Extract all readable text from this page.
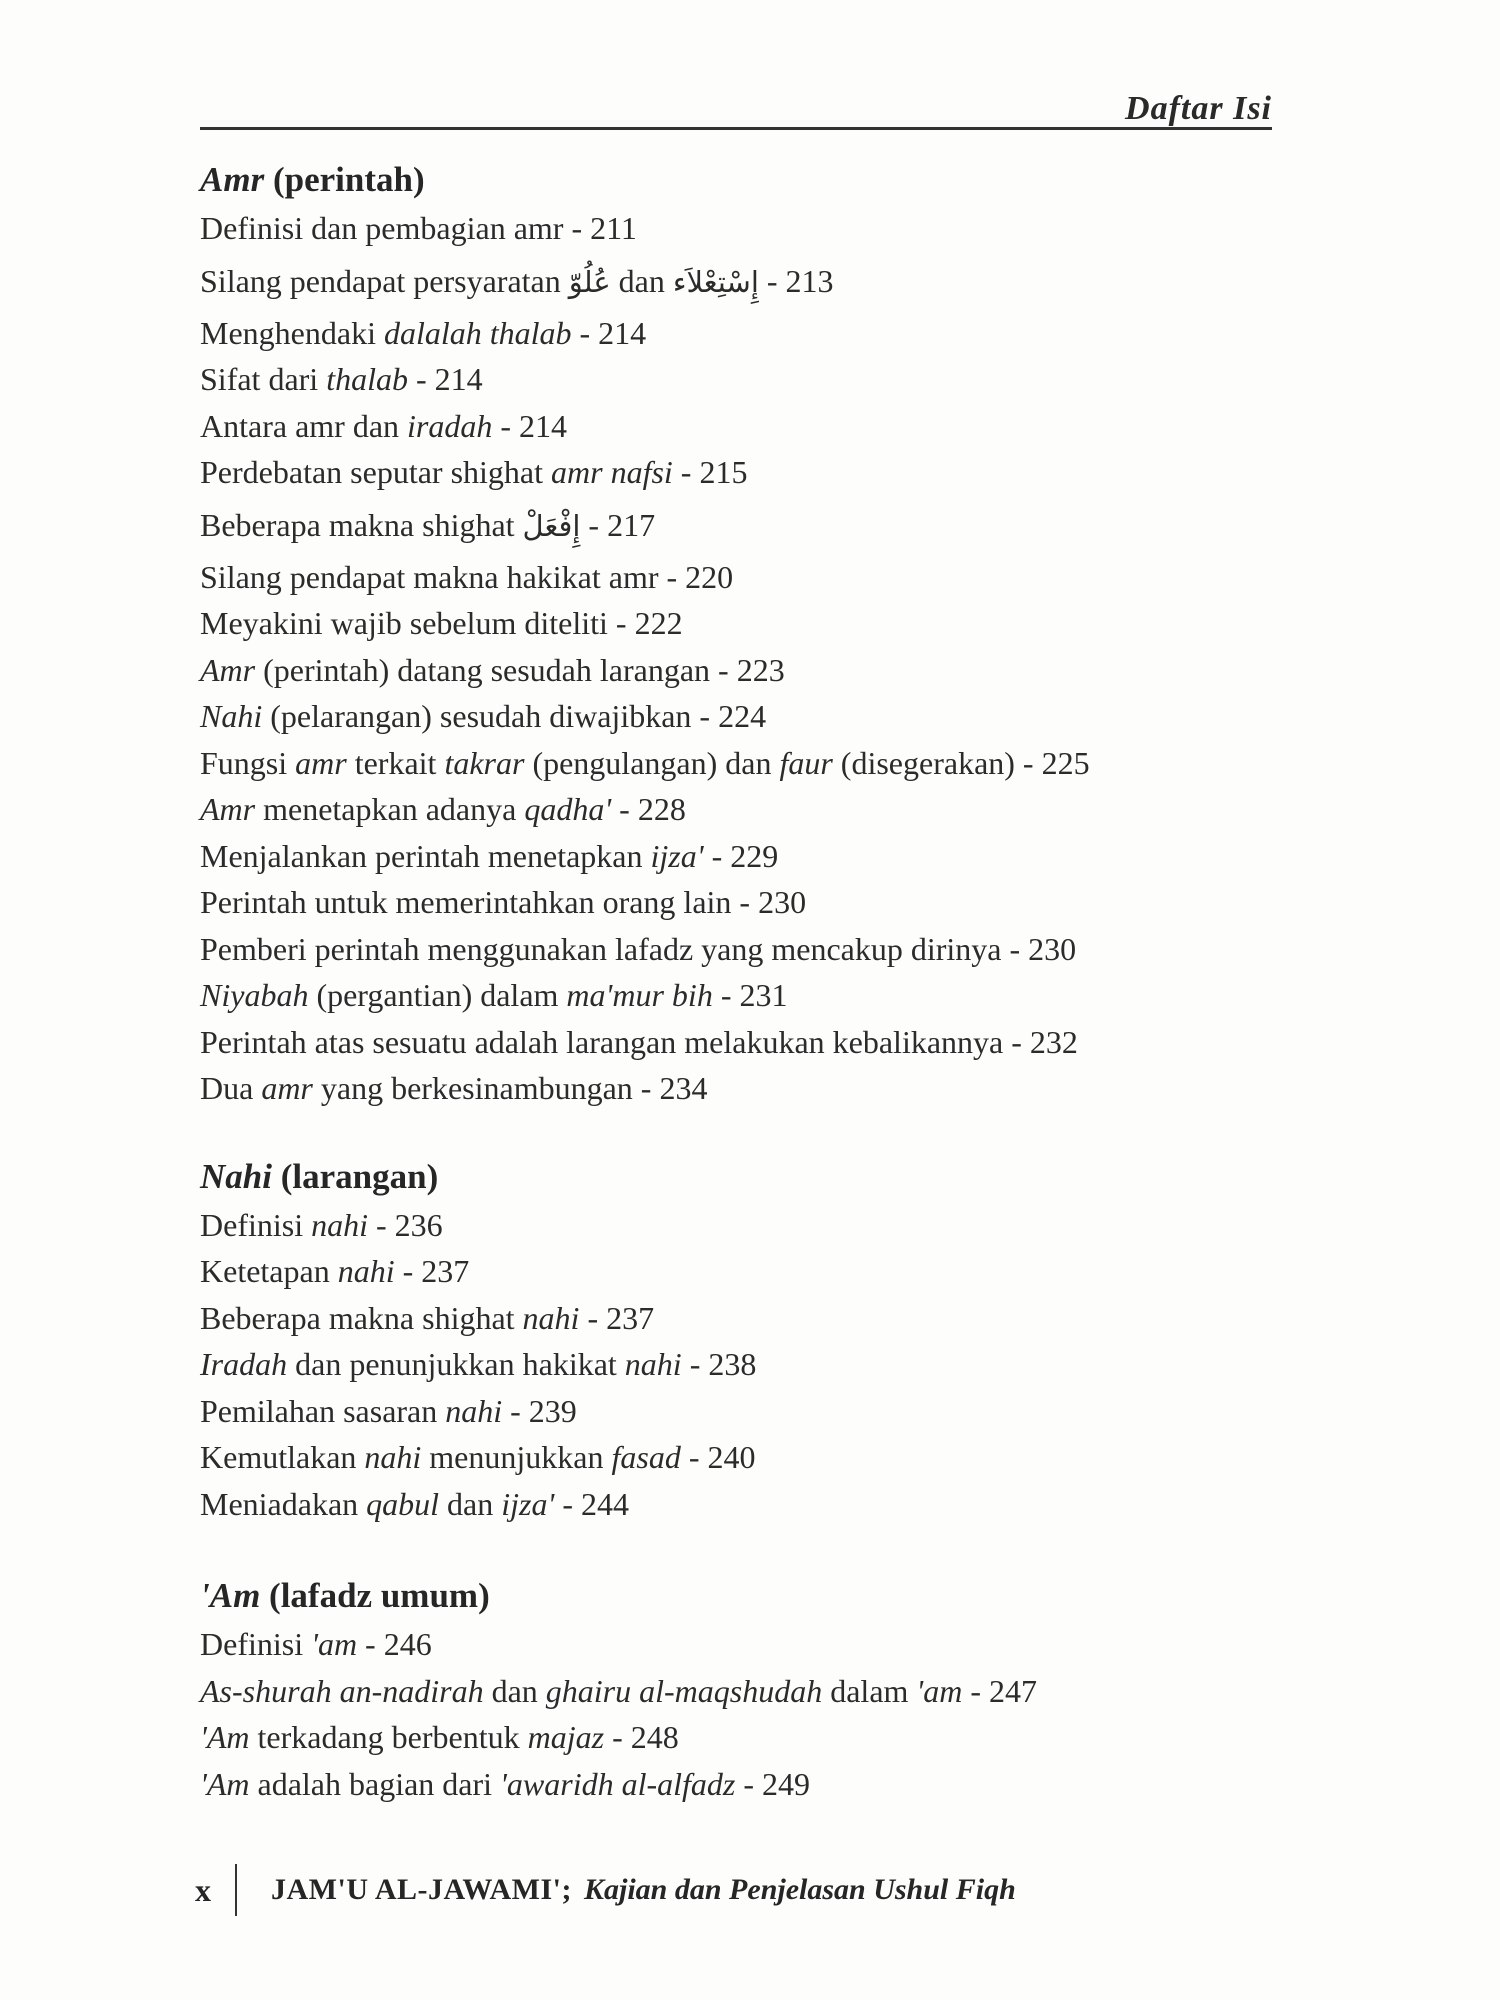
Daftar Isi
Amr (perintah)
Definisi dan pembagian amr - 211
Silang pendapat persyaratan عُلُوّ dan إِسْتِعْلاَء - 213
Menghendaki dalalah thalab - 214
Sifat dari thalab - 214
Antara amr dan iradah - 214
Perdebatan seputar shighat amr nafsi - 215
Beberapa makna shighat إِفْعَلْ - 217
Silang pendapat makna hakikat amr - 220
Meyakini wajib sebelum diteliti - 222
Amr (perintah) datang sesudah larangan - 223
Nahi (pelarangan) sesudah diwajibkan - 224
Fungsi amr terkait takrar (pengulangan) dan faur (disegerakan) - 225
Amr menetapkan adanya qadha' - 228
Menjalankan perintah menetapkan ijza' - 229
Perintah untuk memerintahkan orang lain - 230
Pemberi perintah menggunakan lafadz yang mencakup dirinya - 230
Niyabah (pergantian) dalam ma'mur bih - 231
Perintah atas sesuatu adalah larangan melakukan kebalikannya - 232
Dua amr yang berkesinambungan - 234
Nahi (larangan)
Definisi nahi - 236
Ketetapan nahi - 237
Beberapa makna shighat nahi - 237
Iradah dan penunjukkan hakikat nahi - 238
Pemilahan sasaran nahi - 239
Kemutlakan nahi menunjukkan fasad - 240
Meniadakan qabul dan ijza' - 244
'Am (lafadz umum)
Definisi 'am - 246
As-shurah an-nadirah dan ghairu al-maqshudah dalam 'am - 247
'Am terkadang berbentuk majaz - 248
'Am adalah bagian dari 'awaridh al-alfadz - 249
x	JAM'U AL-JAWAMI'; Kajian dan Penjelasan Ushul Fiqh
